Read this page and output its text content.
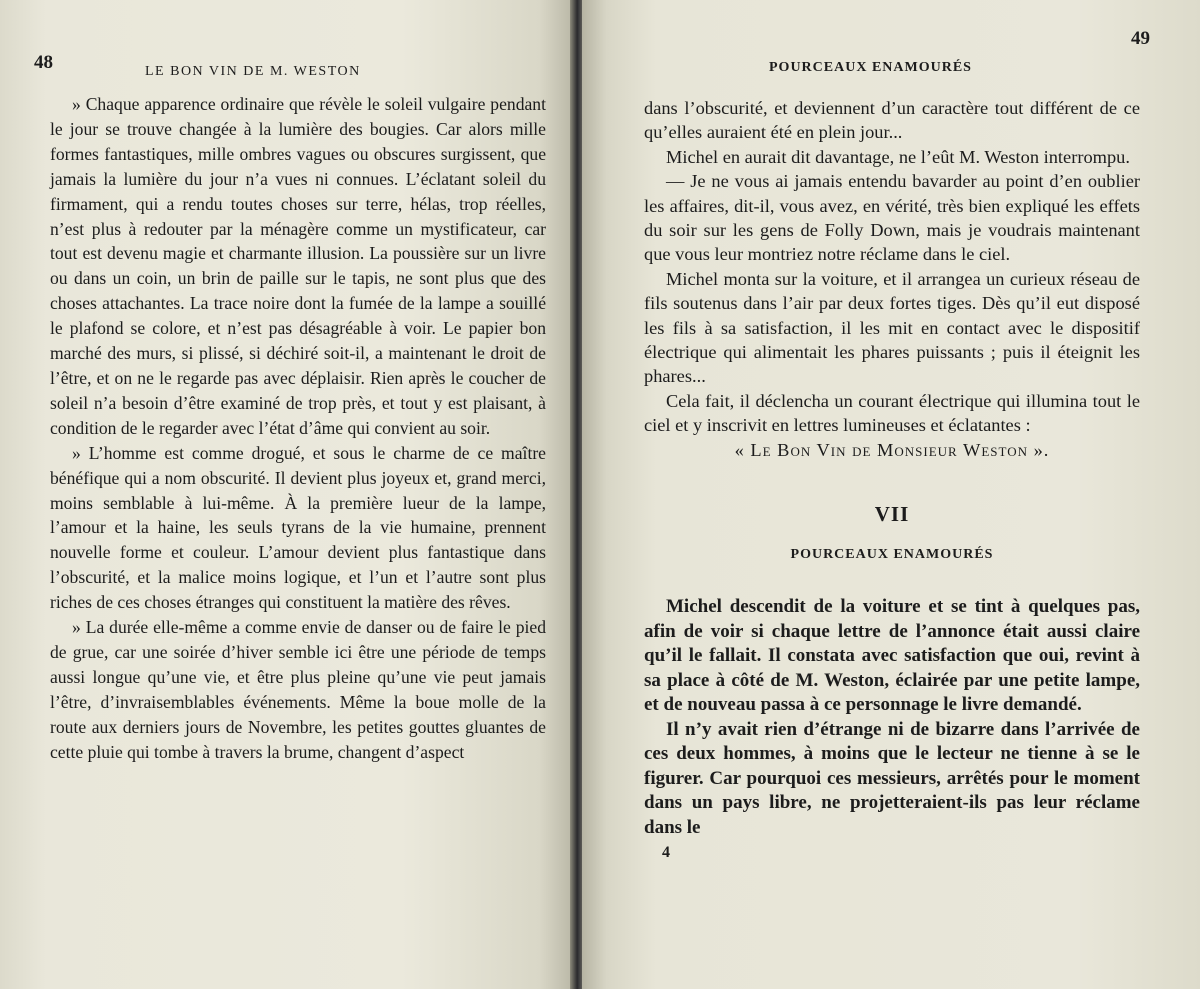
48	LE BON VIN DE M. WESTON

» Chaque apparence ordinaire que révèle le soleil vulgaire pendant le jour se trouve changée à la lumière des bougies. Car alors mille formes fantastiques, mille ombres vagues ou obscures surgissent, que jamais la lumière du jour n’a vues ni connues. L’éclatant soleil du firmament, qui a rendu toutes choses sur terre, hélas, trop réelles, n’est plus à redouter par la ménagère comme un mystificateur, car tout est devenu magie et charmante illusion. La poussière sur un livre ou dans un coin, un brin de paille sur le tapis, ne sont plus que des choses attachantes. La trace noire dont la fumée de la lampe a souillé le plafond se colore, et n’est pas désagréable à voir. Le papier bon marché des murs, si plissé, si déchiré soit-il, a maintenant le droit de l’être, et on ne le regarde pas avec déplaisir. Rien après le coucher de soleil n’a besoin d’être examiné de trop près, et tout y est plaisant, à condition de le regarder avec l’état d’âme qui convient au soir.

» L’homme est comme drogué, et sous le charme de ce maître bénéfique qui a nom obscurité. Il devient plus joyeux et, grand merci, moins semblable à lui-même. À la première lueur de la lampe, l’amour et la haine, les seuls tyrans de la vie humaine, prennent nouvelle forme et couleur. L’amour devient plus fantastique dans l’obscurité, et la malice moins logique, et l’un et l’autre sont plus riches de ces choses étranges qui constituent la matière des rêves.

» La durée elle-même a comme envie de danser ou de faire le pied de grue, car une soirée d’hiver semble ici être une période de temps aussi longue qu’une vie, et être plus pleine qu’une vie peut jamais l’être, d’invraisemblables événements. Même la boue molle de la route aux derniers jours de Novembre, les petites gouttes gluantes de cette pluie qui tombe à travers la brume, changent d’aspect

POURCEAUX ENAMOURÉS
49

dans l’obscurité, et deviennent d’un caractère tout différent de ce qu’elles auraient été en plein jour...

Michel en aurait dit davantage, ne l’eût M. Weston interrompu.

— Je ne vous ai jamais entendu bavarder au point d’en oublier les affaires, dit-il, vous avez, en vérité, très bien expliqué les effets du soir sur les gens de Folly Down, mais je voudrais maintenant que vous leur montriez notre réclame dans le ciel.

Michel monta sur la voiture, et il arrangea un curieux réseau de fils soutenus dans l’air par deux fortes tiges. Dès qu’il eut disposé les fils à sa satisfaction, il les mit en contact avec le dispositif électrique qui alimentait les phares puissants ; puis il éteignit les phares...

Cela fait, il déclencha un courant électrique qui illumina tout le ciel et y inscrivit en lettres lumineuses et éclatantes :

« Le Bon Vin de Monsieur Weston ».

VII
POURCEAUX ENAMOURÉS

Michel descendit de la voiture et se tint à quelques pas, afin de voir si chaque lettre de l’annonce était aussi claire qu’il le fallait. Il constata avec satisfaction que oui, revint à sa place à côté de M. Weston, éclairée par une petite lampe, et de nouveau passa à ce personnage le livre demandé.

Il n’y avait rien d’étrange ni de bizarre dans l’arrivée de ces deux hommes, à moins que le lecteur ne tienne à se le figurer. Car pourquoi ces messieurs, arrêtés pour le moment dans un pays libre, ne projetteraient-ils pas leur réclame dans le

4
